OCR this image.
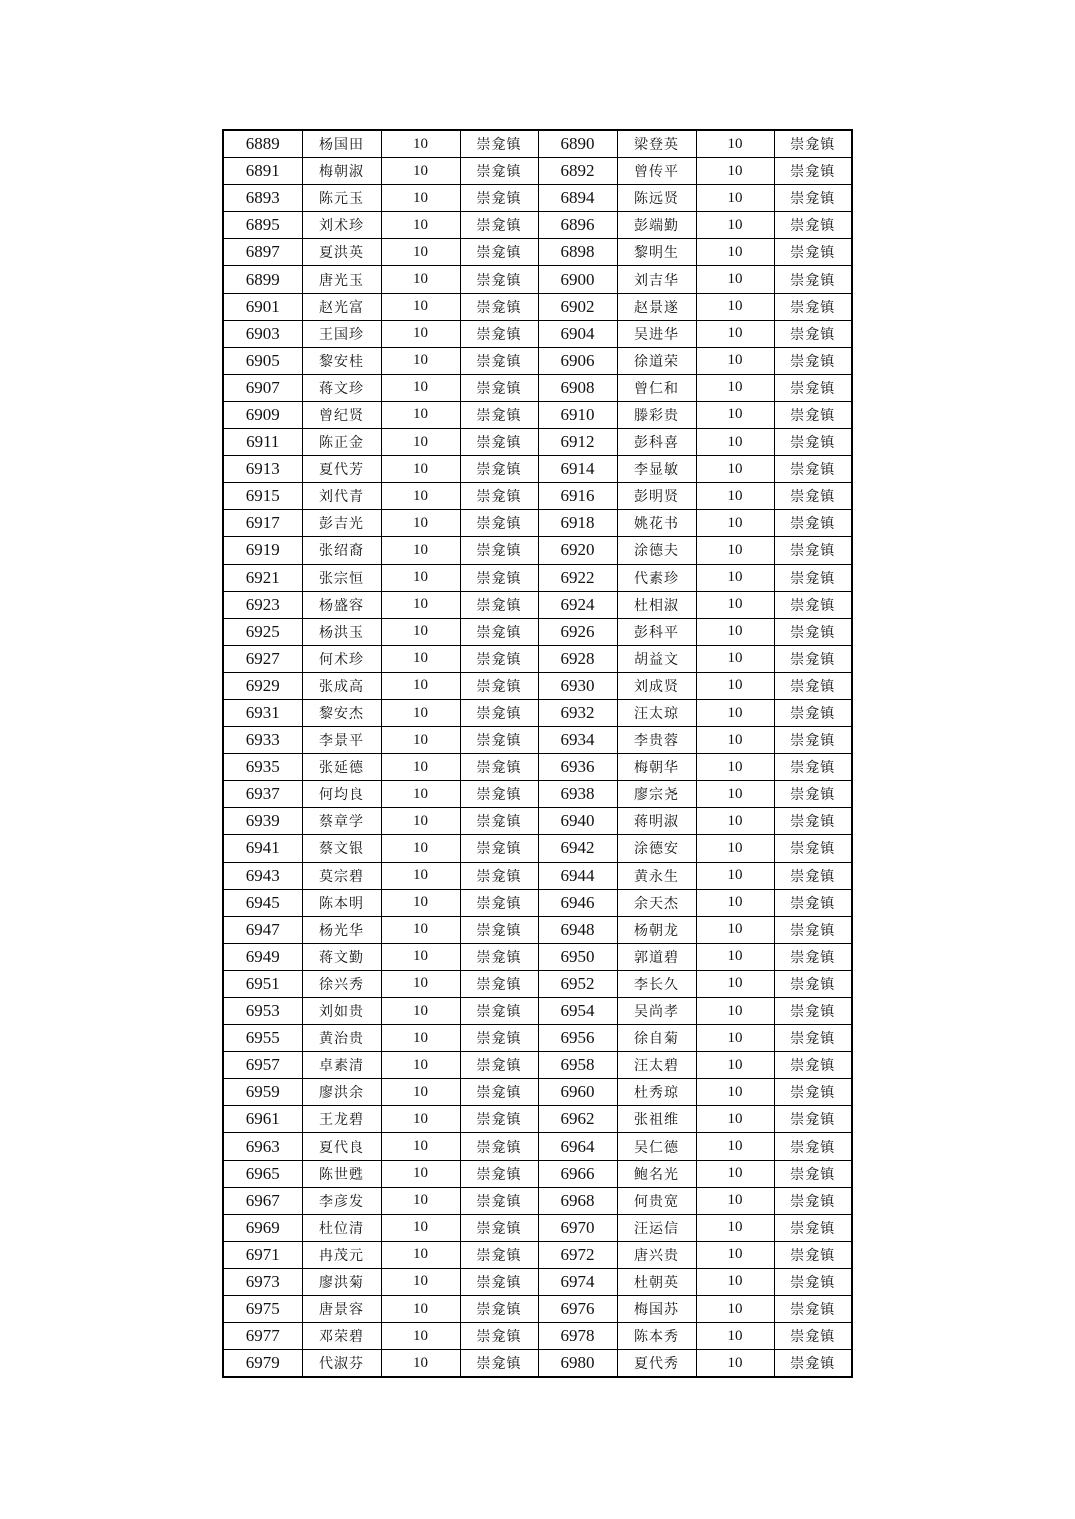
6889	杨国田	10	崇龛镇	6890	梁登英	10	崇龛镇
6891	梅朝淑	10	崇龛镇	6892	曾传平	10	崇龛镇
6893	陈元玉	10	崇龛镇	6894	陈远贤	10	崇龛镇
6895	刘术珍	10	崇龛镇	6896	彭端勤	10	崇龛镇
6897	夏洪英	10	崇龛镇	6898	黎明生	10	崇龛镇
6899	唐光玉	10	崇龛镇	6900	刘吉华	10	崇龛镇
6901	赵光富	10	崇龛镇	6902	赵景遂	10	崇龛镇
6903	王国珍	10	崇龛镇	6904	吴进华	10	崇龛镇
6905	黎安桂	10	崇龛镇	6906	徐道荣	10	崇龛镇
6907	蒋文珍	10	崇龛镇	6908	曾仁和	10	崇龛镇
6909	曾纪贤	10	崇龛镇	6910	滕彩贵	10	崇龛镇
6911	陈正金	10	崇龛镇	6912	彭科喜	10	崇龛镇
6913	夏代芳	10	崇龛镇	6914	李显敏	10	崇龛镇
6915	刘代青	10	崇龛镇	6916	彭明贤	10	崇龛镇
6917	彭吉光	10	崇龛镇	6918	姚花书	10	崇龛镇
6919	张绍裔	10	崇龛镇	6920	涂德夫	10	崇龛镇
6921	张宗恒	10	崇龛镇	6922	代素珍	10	崇龛镇
6923	杨盛容	10	崇龛镇	6924	杜相淑	10	崇龛镇
6925	杨洪玉	10	崇龛镇	6926	彭科平	10	崇龛镇
6927	何术珍	10	崇龛镇	6928	胡益文	10	崇龛镇
6929	张成高	10	崇龛镇	6930	刘成贤	10	崇龛镇
6931	黎安杰	10	崇龛镇	6932	汪太琼	10	崇龛镇
6933	李景平	10	崇龛镇	6934	李贵蓉	10	崇龛镇
6935	张延德	10	崇龛镇	6936	梅朝华	10	崇龛镇
6937	何均良	10	崇龛镇	6938	廖宗尧	10	崇龛镇
6939	蔡章学	10	崇龛镇	6940	蒋明淑	10	崇龛镇
6941	蔡文银	10	崇龛镇	6942	涂德安	10	崇龛镇
6943	莫宗碧	10	崇龛镇	6944	黄永生	10	崇龛镇
6945	陈本明	10	崇龛镇	6946	余天杰	10	崇龛镇
6947	杨光华	10	崇龛镇	6948	杨朝龙	10	崇龛镇
6949	蒋文勤	10	崇龛镇	6950	郭道碧	10	崇龛镇
6951	徐兴秀	10	崇龛镇	6952	李长久	10	崇龛镇
6953	刘如贵	10	崇龛镇	6954	吴尚孝	10	崇龛镇
6955	黄治贵	10	崇龛镇	6956	徐自菊	10	崇龛镇
6957	卓素清	10	崇龛镇	6958	汪太碧	10	崇龛镇
6959	廖洪余	10	崇龛镇	6960	杜秀琼	10	崇龛镇
6961	王龙碧	10	崇龛镇	6962	张祖维	10	崇龛镇
6963	夏代良	10	崇龛镇	6964	吴仁德	10	崇龛镇
6965	陈世甦	10	崇龛镇	6966	鲍名光	10	崇龛镇
6967	李彦发	10	崇龛镇	6968	何贵宽	10	崇龛镇
6969	杜位清	10	崇龛镇	6970	汪运信	10	崇龛镇
6971	冉茂元	10	崇龛镇	6972	唐兴贵	10	崇龛镇
6973	廖洪菊	10	崇龛镇	6974	杜朝英	10	崇龛镇
6975	唐景容	10	崇龛镇	6976	梅国苏	10	崇龛镇
6977	邓荣碧	10	崇龛镇	6978	陈本秀	10	崇龛镇
6979	代淑芬	10	崇龛镇	6980	夏代秀	10	崇龛镇
